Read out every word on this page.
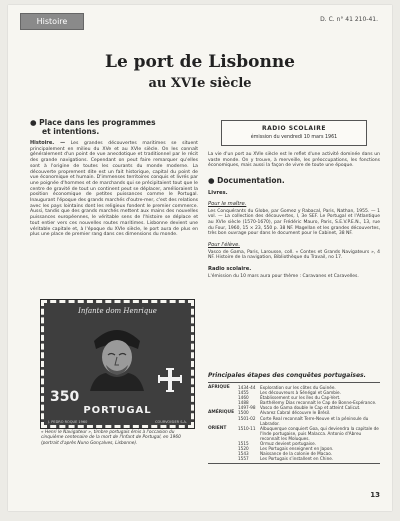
Histoire	D. C. n° 41 210-41.
Le port de Lisbonne
au XVIe siècle
● Place dans les programmes
et intentions.
Histoire. — Les grandes découvertes maritimes se situent principalement en milieu du XVe et au XVIe siècle. On les connaît généralement d'un point de vue anecdotique et traditionnel par le récit des grande navigations. Cependant on peut faire remarquer qu'elles sont à l'origine de toutes les courants du monde moderne. La découverte proprement dite est un fait historique, capital du point de vue économique et humain. D'immenses territoires conquis et livrés par une poignée d'hommes et de marchands qui se précipitaient tout que le centre de gravité de tout un continent peut se déplacer, amélioraient la position économique de petites puissances comme le Portugal. Inaugurant l'époque des grands marchés d'outre-mer, c'est des relations avec les pays lointains dont les religieux fondent le premier commerce. Aussi, tandis que des grands marchés mettent aux mains des nouvelles puissances européennes, le véritable sens de l'histoire se déplace et tout entier vers ces nouvelles routes maritimes. Lisbonne devient une véritable capitale et, à l'époque du XVIe siècle, le port aura de plus en plus une place de premier rang dans ces dimensions du monde.
Infante dom Henrique
350
PORTUGAL
J. PEDRO ROQUE 1960	COURVOISIER S.A.
« Henri le Navigateur », timbre portugais émis à l'occasion du cinquième centenaire de la mort de l'Infant de Portugal, en 1960 (portrait d'après Nuno Gonçalves, Lisbonne).
RADIO SCOLAIRE
émission du vendredi 10 mars 1961
La vie d'un port au XVIe siècle est le reflet d'une activité dominée dans un vaste monde. On y trouve, à merveille, les préoccupations, les fonctions économiques, mais aussi la façon de vivre de toute une époque.
● Documentation.
Livres.
Pour le maître.
Les Conquérants du Globe, par Gomez y Rabacal, Paris, Nathan, 1955. — 1 vol. — La collection des découvertes, I, 3e SEF. Le Portugal et l'Atlantique au XVIe siècle (1570-1670), par Frédéric Mauro, Paris, S.E.V.P.E.N., 13, rue du Four, 1960, 15 × 23, 550 p. 38 NF. Magellan et les grandes découvertes, très bon ouvrage pour dans le document pour le Cabinet, 38 NF.
Pour l'élève.
Vasco de Gama, Paris, Larousse, coll. « Contes et Grands Navigateurs », 4 NF. Histoire de la navigation, Bibliothèque du Travail, no 17.
Radio scolaire.
L'émission du 10 mars aura pour thème : Caravanes et Caravelles.
Principales étapes des conquêtes portugaises.
AFRIQUE	1434-44	Exploration sur les côtes du Guinée.
1455	Les découvreurs à Sénégal et Gambie.
1460	Établissement sur les îles du Cap-Vert.
1488	Barthélemy Dias reconnaît le Cap de Bonne-Espérance.
1497-98	Vasco de Gama double le Cap et atteint Calicut.
AMÉRIQUE 1500	Alvarez Cabral découvre le Brésil.
1501-02	Corte Real reconnaît Terre-Neuve et la péninsule du Labrador.
ORIENT	1510-11	Albuquerque conquiert Goa, qui deviendra la capitale de l'Inde portugaise, puis Malacca. Antonio d'Abreu reconnaît les Moluques.
1515	Ormuz devient portugaise.
1520	Les Portugais enseignent en Japon.
1543	Naissance de la colonie de Macao.
1557	Les Portugais s'installent en Chine.
13
